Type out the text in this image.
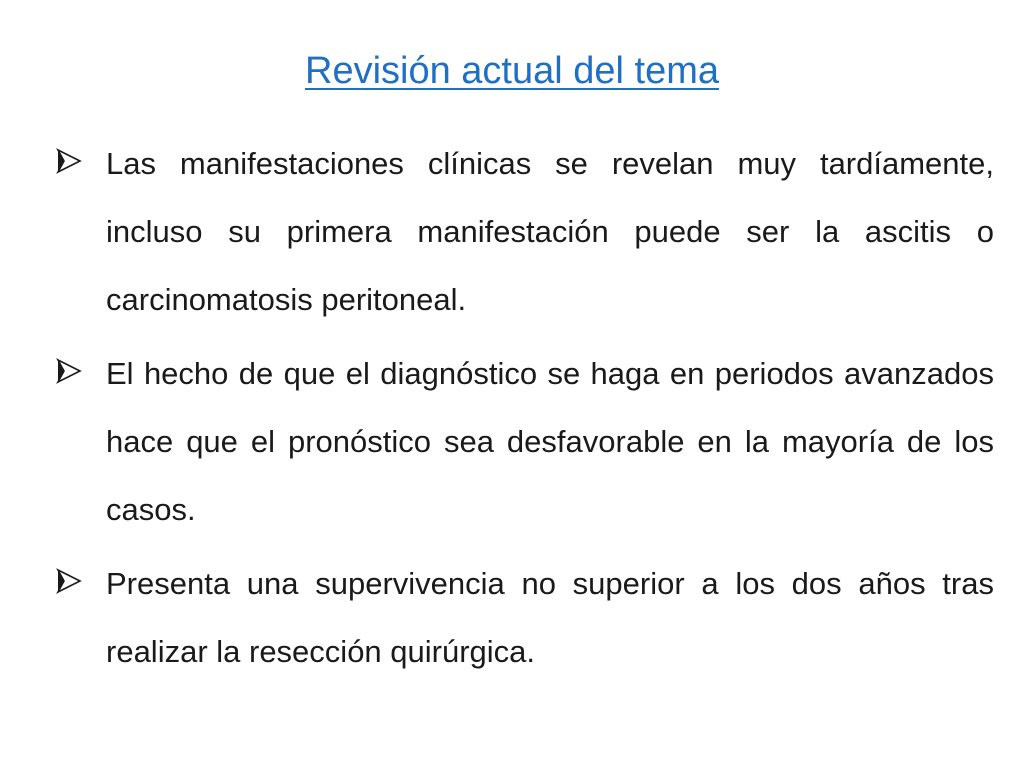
Revisión actual del tema
Las manifestaciones clínicas se revelan muy tardíamente, incluso su primera manifestación puede ser la ascitis o carcinomatosis peritoneal.
El hecho de que el diagnóstico se haga en periodos avanzados hace que el pronóstico sea desfavorable en la mayoría de los casos.
Presenta una supervivencia no superior a los dos años tras realizar la resección quirúrgica.
